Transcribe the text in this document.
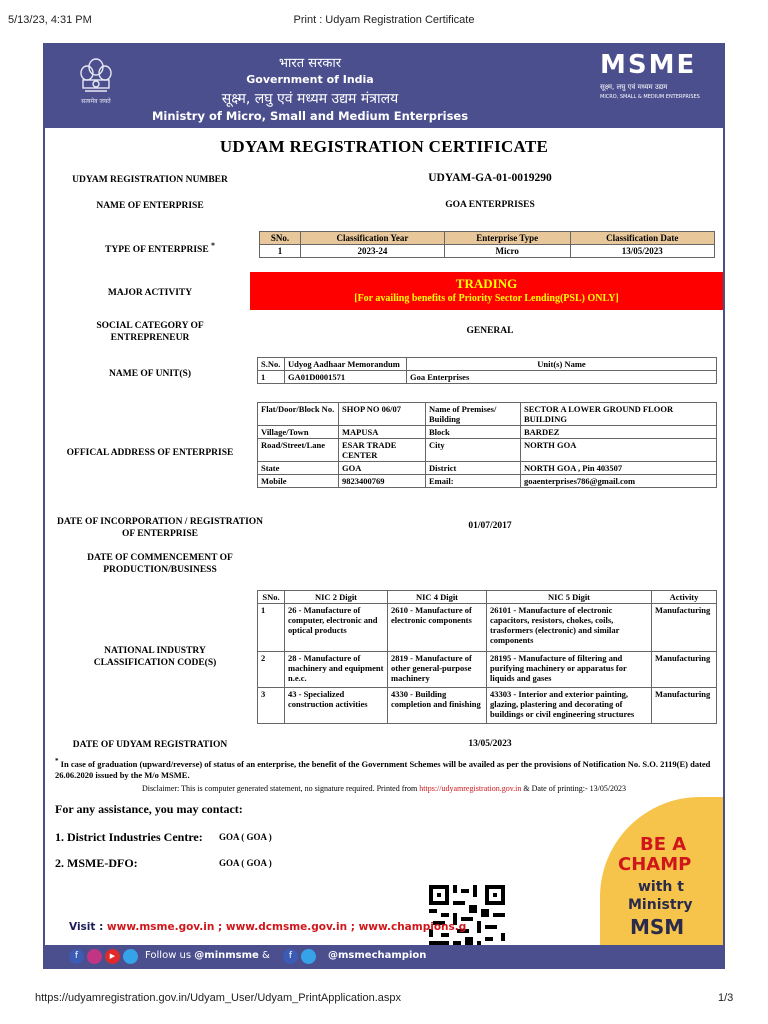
5/13/23, 4:31 PM	Print : Udyam Registration Certificate
सत्यमेव जयते
भारत सरकार
Government of India
सूक्ष्म, लघु एवं मध्यम उद्यम मंत्रालय
Ministry of Micro, Small and Medium Enterprises
MSME
सूक्ष्म, लघु एवं मध्यम उद्यम
MICRO, SMALL & MEDIUM ENTERPRISES
UDYAM REGISTRATION CERTIFICATE
UDYAM REGISTRATION NUMBER	UDYAM-GA-01-0019290
NAME OF ENTERPRISE	GOA ENTERPRISES
TYPE OF ENTERPRISE *
SNo.	Classification Year	Enterprise Type	Classification Date
1	2023-24	Micro	13/05/2023
MAJOR ACTIVITY
TRADING
[For availing benefits of Priority Sector Lending(PSL) ONLY]
SOCIAL CATEGORY OF ENTREPRENEUR
GENERAL
NAME OF UNIT(S)
S.No.	Udyog Aadhaar Memorandum	Unit(s) Name
1	GA01D0001571	Goa Enterprises
OFFICAL ADDRESS OF ENTERPRISE
Flat/Door/Block No.	SHOP NO 06/07	Name of Premises/ Building	SECTOR A LOWER GROUND FLOOR BUILDING
Village/Town	MAPUSA	Block	BARDEZ
Road/Street/Lane	ESAR TRADE CENTER	City	NORTH GOA
State	GOA	District	NORTH GOA , Pin 403507
Mobile	9823400769	Email:	goaenterprises786@gmail.com
DATE OF INCORPORATION / REGISTRATION OF ENTERPRISE
01/07/2017
DATE OF COMMENCEMENT OF PRODUCTION/BUSINESS
NATIONAL INDUSTRY CLASSIFICATION CODE(S)
SNo.	NIC 2 Digit	NIC 4 Digit	NIC 5 Digit	Activity
1	26 - Manufacture of computer, electronic and optical products	2610 - Manufacture of electronic components	26101 - Manufacture of electronic capacitors, resistors, chokes, coils, trasformers (electronic) and similar components	Manufacturing
2	28 - Manufacture of machinery and equipment n.e.c.	2819 - Manufacture of other general-purpose machinery	28195 - Manufacture of filtering and purifying machinery or apparatus for liquids and gases	Manufacturing
3	43 - Specialized construction activities	4330 - Building completion and finishing	43303 - Interior and exterior painting, glazing, plastering and decorating of buildings or civil engineering structures	Manufacturing
DATE OF UDYAM REGISTRATION	13/05/2023
* In case of graduation (upward/reverse) of status of an enterprise, the benefit of the Government Schemes will be availed as per the provisions of Notification No. S.O. 2119(E) dated 26.06.2020 issued by the M/o MSME.
Disclaimer: This is computer generated statement, no signature required. Printed from https://udyamregistration.gov.in & Date of printing:- 13/05/2023
BE A
CHAMP
with t
Ministry
MSM
For any assistance, you may contact:
1. District Industries Centre: GOA ( GOA )
2. MSME-DFO:	GOA ( GOA )
Visit : www.msme.gov.in ; www.dcmsme.gov.in ; www.champions.g
f	▶	Follow us @minmsme &	f	@msmechampion
https://udyamregistration.gov.in/Udyam_User/Udyam_PrintApplication.aspx	1/3
